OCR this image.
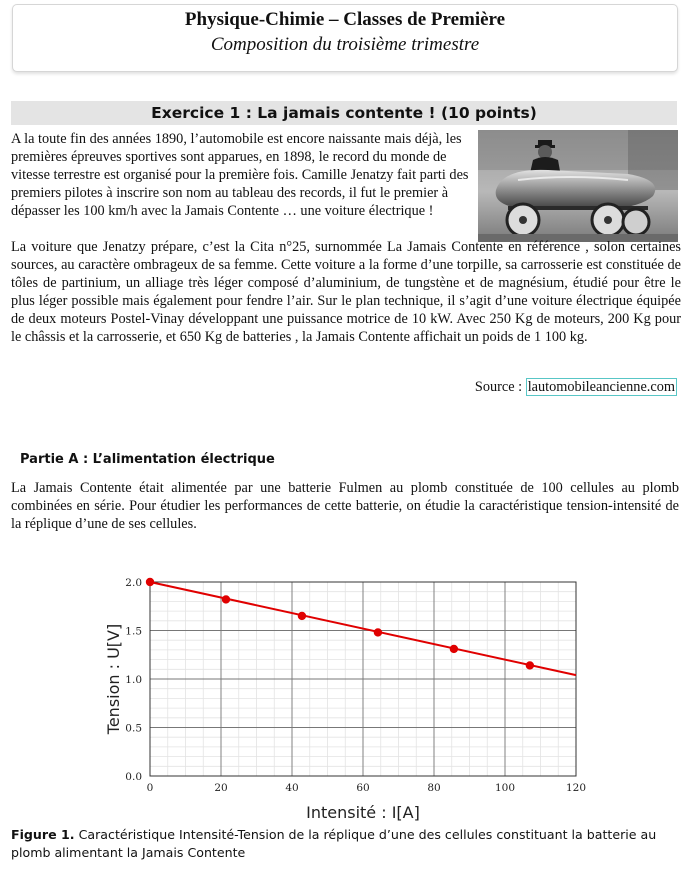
Physique-Chimie – Classes de Première
Composition du troisième trimestre
Exercice 1 : La jamais contente ! (10 points)
A la toute fin des années 1890, l’automobile est encore naissante mais déjà, les premières épreuves sportives sont apparues, en 1898, le record du monde de vitesse terrestre est organisé pour la première fois. Camille Jenatzy fait parti des premiers pilotes à inscrire son nom au tableau des records, il fut le premier à dépasser les 100 km/h avec la Jamais Contente … une voiture électrique !
La voiture que Jenatzy prépare, c’est la Cita n°25, surnommée La Jamais Contente en référence , solon certaines sources, au caractère ombrageux de sa femme. Cette voiture a la forme d’une torpille, sa carrosserie est constituée de tôles de partinium, un alliage très léger composé d’aluminium, de tungstène et de magnésium, étudié pour être le plus léger possible mais également pour fendre l’air. Sur le plan technique, il s’agit d’une voiture électrique équipée de deux moteurs Postel-Vinay développant une puissance motrice de 10 kW. Avec 250 Kg de moteurs, 200 Kg pour le châssis et la carrosserie, et 650 Kg de batteries , la Jamais Contente affichait un poids de 1 100 kg.
Source : lautomobileancienne.com
Partie A : L’alimentation électrique
La Jamais Contente était alimentée par une batterie Fulmen au plomb constituée de 100 cellules au plomb combinées en série. Pour étudier les performances de cette batterie, on étudie la caractéristique tension-intensité de la réplique d’une de ses cellules.
0	20	40	60	80	100	120
0.0
0.5
1.0
1.5
2.0
Intensité : I[A]
Tension : U[V]
Figure 1. Caractéristique Intensité-Tension de la réplique d’une des cellules constituant la batterie au plomb alimentant la Jamais Contente
